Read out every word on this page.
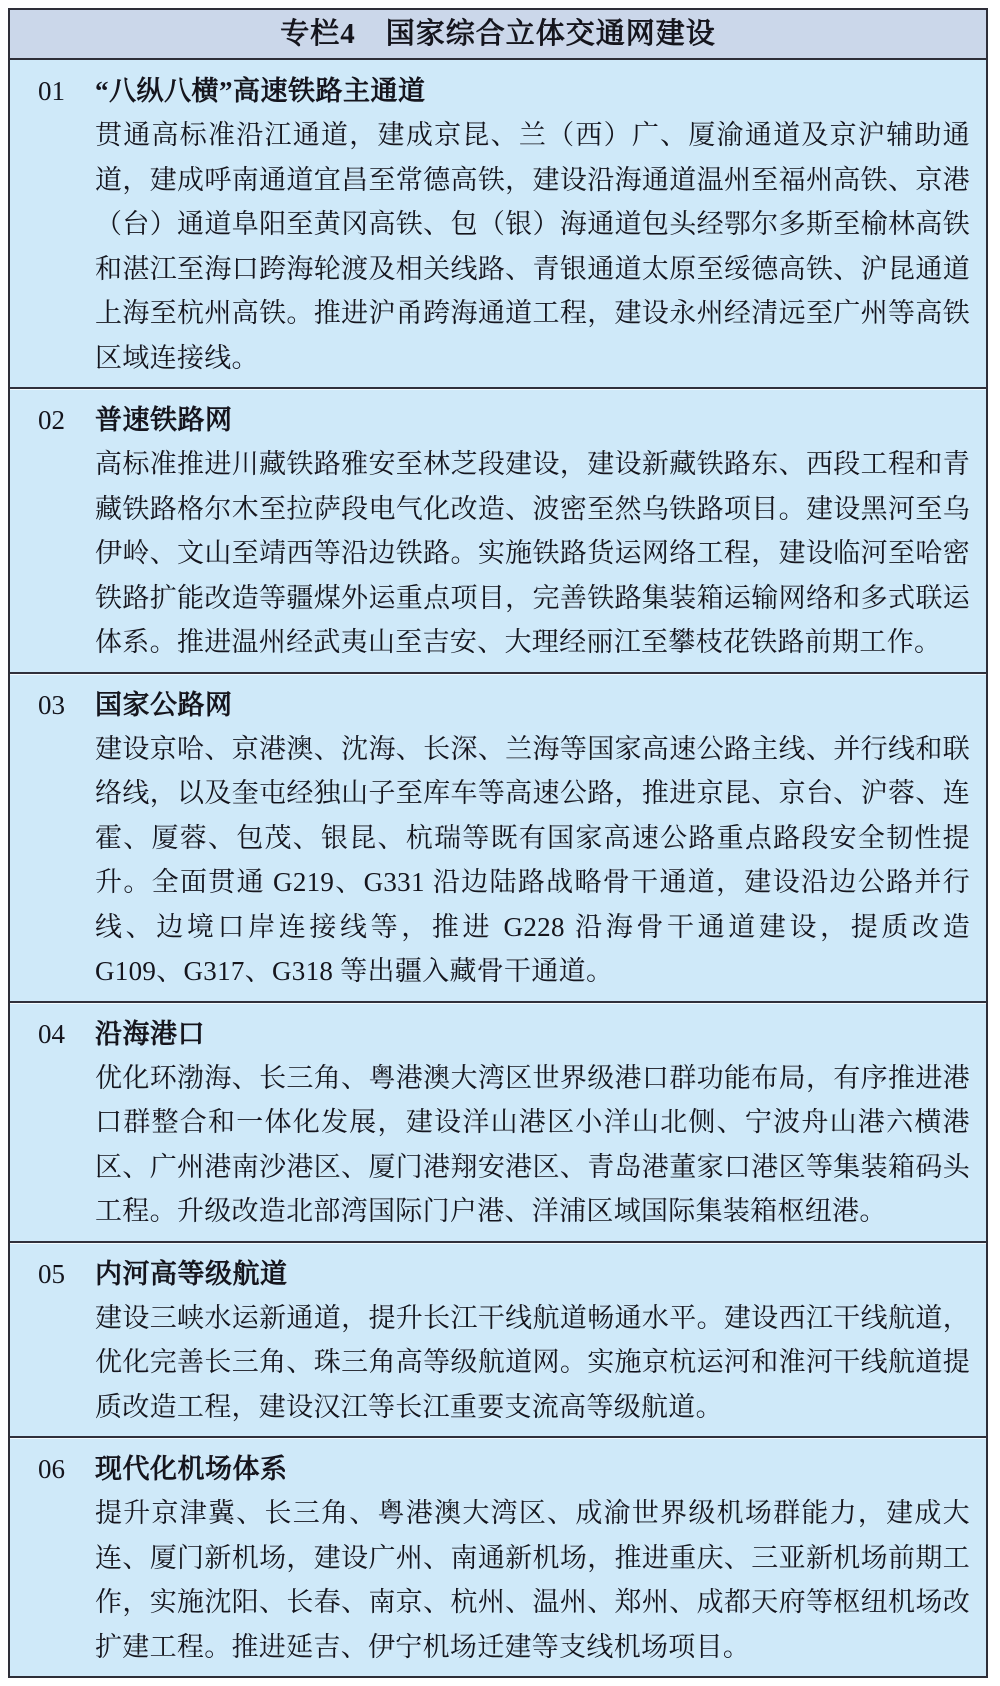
专栏4　国家综合立体交通网建设
01	“八纵八横”高速铁路主通道

贯通高标准沿江通道，建成京昆、兰（西）广、厦渝通道及京沪辅助通道，建成呼南通道宜昌至常德高铁，建设沿海通道温州至福州高铁、京港（台）通道阜阳至黄冈高铁、包（银）海通道包头经鄂尔多斯至榆林高铁和湛江至海口跨海轮渡及相关线路、青银通道太原至绥德高铁、沪昆通道上海至杭州高铁。推进沪甬跨海通道工程，建设永州经清远至广州等高铁区域连接线。

02	普速铁路网

高标准推进川藏铁路雅安至林芝段建设，建设新藏铁路东、西段工程和青藏铁路格尔木至拉萨段电气化改造、波密至然乌铁路项目。建设黑河至乌伊岭、文山至靖西等沿边铁路。实施铁路货运网络工程，建设临河至哈密铁路扩能改造等疆煤外运重点项目，完善铁路集装箱运输网络和多式联运体系。推进温州经武夷山至吉安、大理经丽江至攀枝花铁路前期工作。

03	国家公路网

建设京哈、京港澳、沈海、长深、兰海等国家高速公路主线、并行线和联络线，以及奎屯经独山子至库车等高速公路，推进京昆、京台、沪蓉、连霍、厦蓉、包茂、银昆、杭瑞等既有国家高速公路重点路段安全韧性提升。全面贯通 G219、G331 沿边陆路战略骨干通道，建设沿边公路并行线、边境口岸连接线等，推进 G228 沿海骨干通道建设，提质改造 G109、G317、G318 等出疆入藏骨干通道。

04	沿海港口

优化环渤海、长三角、粤港澳大湾区世界级港口群功能布局，有序推进港口群整合和一体化发展，建设洋山港区小洋山北侧、宁波舟山港六横港区、广州港南沙港区、厦门港翔安港区、青岛港董家口港区等集装箱码头工程。升级改造北部湾国际门户港、洋浦区域国际集装箱枢纽港。

05	内河高等级航道

建设三峡水运新通道，提升长江干线航道畅通水平。建设西江干线航道，优化完善长三角、珠三角高等级航道网。实施京杭运河和淮河干线航道提质改造工程，建设汉江等长江重要支流高等级航道。

06	现代化机场体系

提升京津冀、长三角、粤港澳大湾区、成渝世界级机场群能力，建成大连、厦门新机场，建设广州、南通新机场，推进重庆、三亚新机场前期工作，实施沈阳、长春、南京、杭州、温州、郑州、成都天府等枢纽机场改扩建工程。推进延吉、伊宁机场迁建等支线机场项目。
